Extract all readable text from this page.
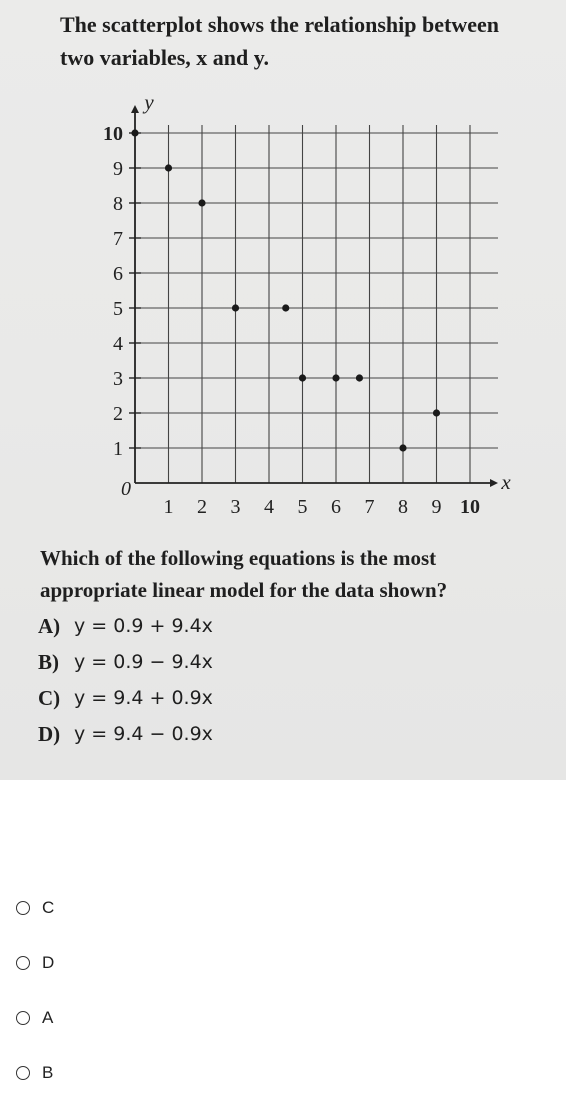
The scatterplot shows the relationship between
two variables, x and y.
y
x
0
1 2 3 4 5 6 7 8 9 10
1
2
3
4
5
6
7
8
9
10
Which of the following equations is the most
appropriate linear model for the data shown?
A) y = 0.9 + 9.4x
B) y = 0.9 − 9.4x
C) y = 9.4 + 0.9x
D) y = 9.4 − 0.9x
C
D
A
B
